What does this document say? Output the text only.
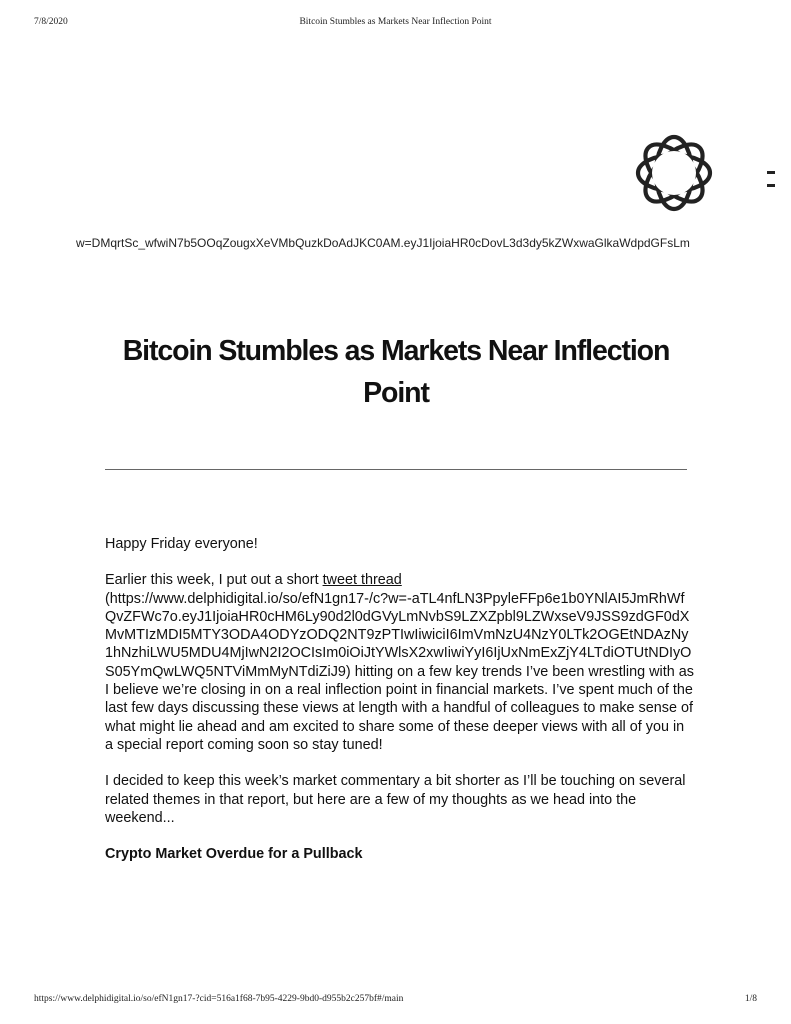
7/8/2020	Bitcoin Stumbles as Markets Near Inflection Point
w=DMqrtSc_wfwiN7b5OOqZougxXeVMbQuzkDoAdJKC0AM.eyJ1IjoiaHR0cDovL3d3dy5kZWxwaGlkaWdpdGFsLm
Bitcoin Stumbles as Markets Near Inflection Point

Happy Friday everyone!

Earlier this week, I put out a short tweet thread
(https://www.delphidigital.io/so/efN1gn17-/c?w=-aTL4nfLN3PpyleFFp6e1b0YNlAI5JmRhWfQvZFWc7o.eyJ1IjoiaHR0cHM6Ly90d2l0dGVyLmNvbS9LZXZpbl9LZWxseV9JSS9zdGF0dXMvMTIzMDI5MTY3ODA4ODYzODQ2NT9zPTIwIiwiciI6ImVmNzU4NzY0LTk2OGEtNDAzNy1hNzhiLWU5MDU4MjIwN2I2OCIsIm0iOiJtYWlsX2xwIiwiYyI6IjUxNmExZjY4LTdiOTUtNDIyOS05YmQwLWQ5NTViMmMyNTdiZiJ9) hitting on a few key trends I’ve been wrestling with as I believe we’re closing in on a real inflection point in financial markets. I’ve spent much of the last few days discussing these views at length with a handful of colleagues to make sense of what might lie ahead and am excited to share some of these deeper views with all of you in a special report coming soon so stay tuned!

I decided to keep this week’s market commentary a bit shorter as I’ll be touching on several related themes in that report, but here are a few of my thoughts as we head into the weekend...

Crypto Market Overdue for a Pullback
https://www.delphidigital.io/so/efN1gn17-?cid=516a1f68-7b95-4229-9bd0-d955b2c257bf#/main	1/8
